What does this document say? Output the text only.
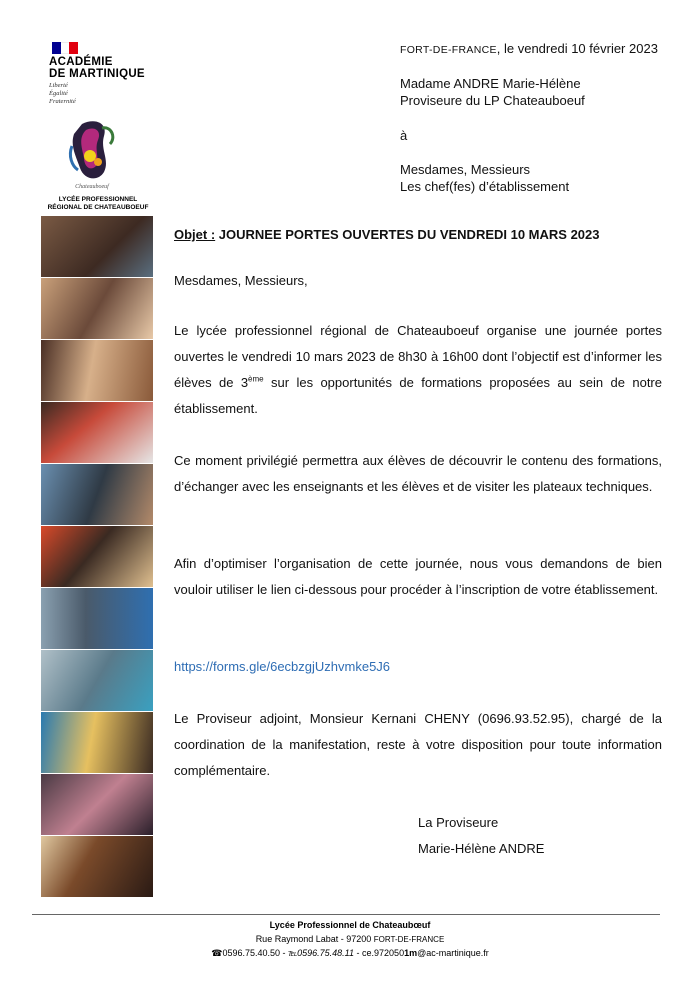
ACADÉMIE
DE MARTINIQUE
Liberté
Égalité
Fraternité
Chateauboeuf
LYCÉE PROFESSIONNEL
RÉGIONAL DE CHATEAUBOEUF
FORT-DE-FRANCE, le vendredi 10 février 2023
Madame ANDRE Marie-Hélène
Proviseure du LP Chateauboeuf
à
Mesdames, Messieurs
Les chef(fes) d’établissement
Objet : JOURNEE PORTES OUVERTES DU VENDREDI 10 MARS 2023
Mesdames, Messieurs,
Le lycée professionnel régional de Chateauboeuf organise une journée portes ouvertes le vendredi 10 mars 2023 de 8h30 à 16h00 dont l’objectif est d’informer les élèves de 3ème sur les opportunités de formations proposées au sein de notre établissement.
Ce moment privilégié permettra aux élèves de découvrir le contenu des formations, d’échanger avec les enseignants et les élèves et de visiter les plateaux techniques.
Afin d’optimiser l’organisation de cette journée, nous vous demandons de bien vouloir utiliser le lien ci-dessous pour procéder à l’inscription de votre établissement.
https://forms.gle/6ecbzgjUzhvmke5J6
Le Proviseur adjoint, Monsieur Kernani CHENY (0696.93.52.95), chargé de la coordination de la manifestation, reste à votre disposition pour toute information complémentaire.
La Proviseure
Marie-Hélène ANDRE
Lycée Professionnel de Chateaubœuf
Rue Raymond Labat - 97200 FORT-DE-FRANCE
☎0596.75.40.50 - ℡0596.75.48.11 - ce.9720501m@ac-martinique.fr
